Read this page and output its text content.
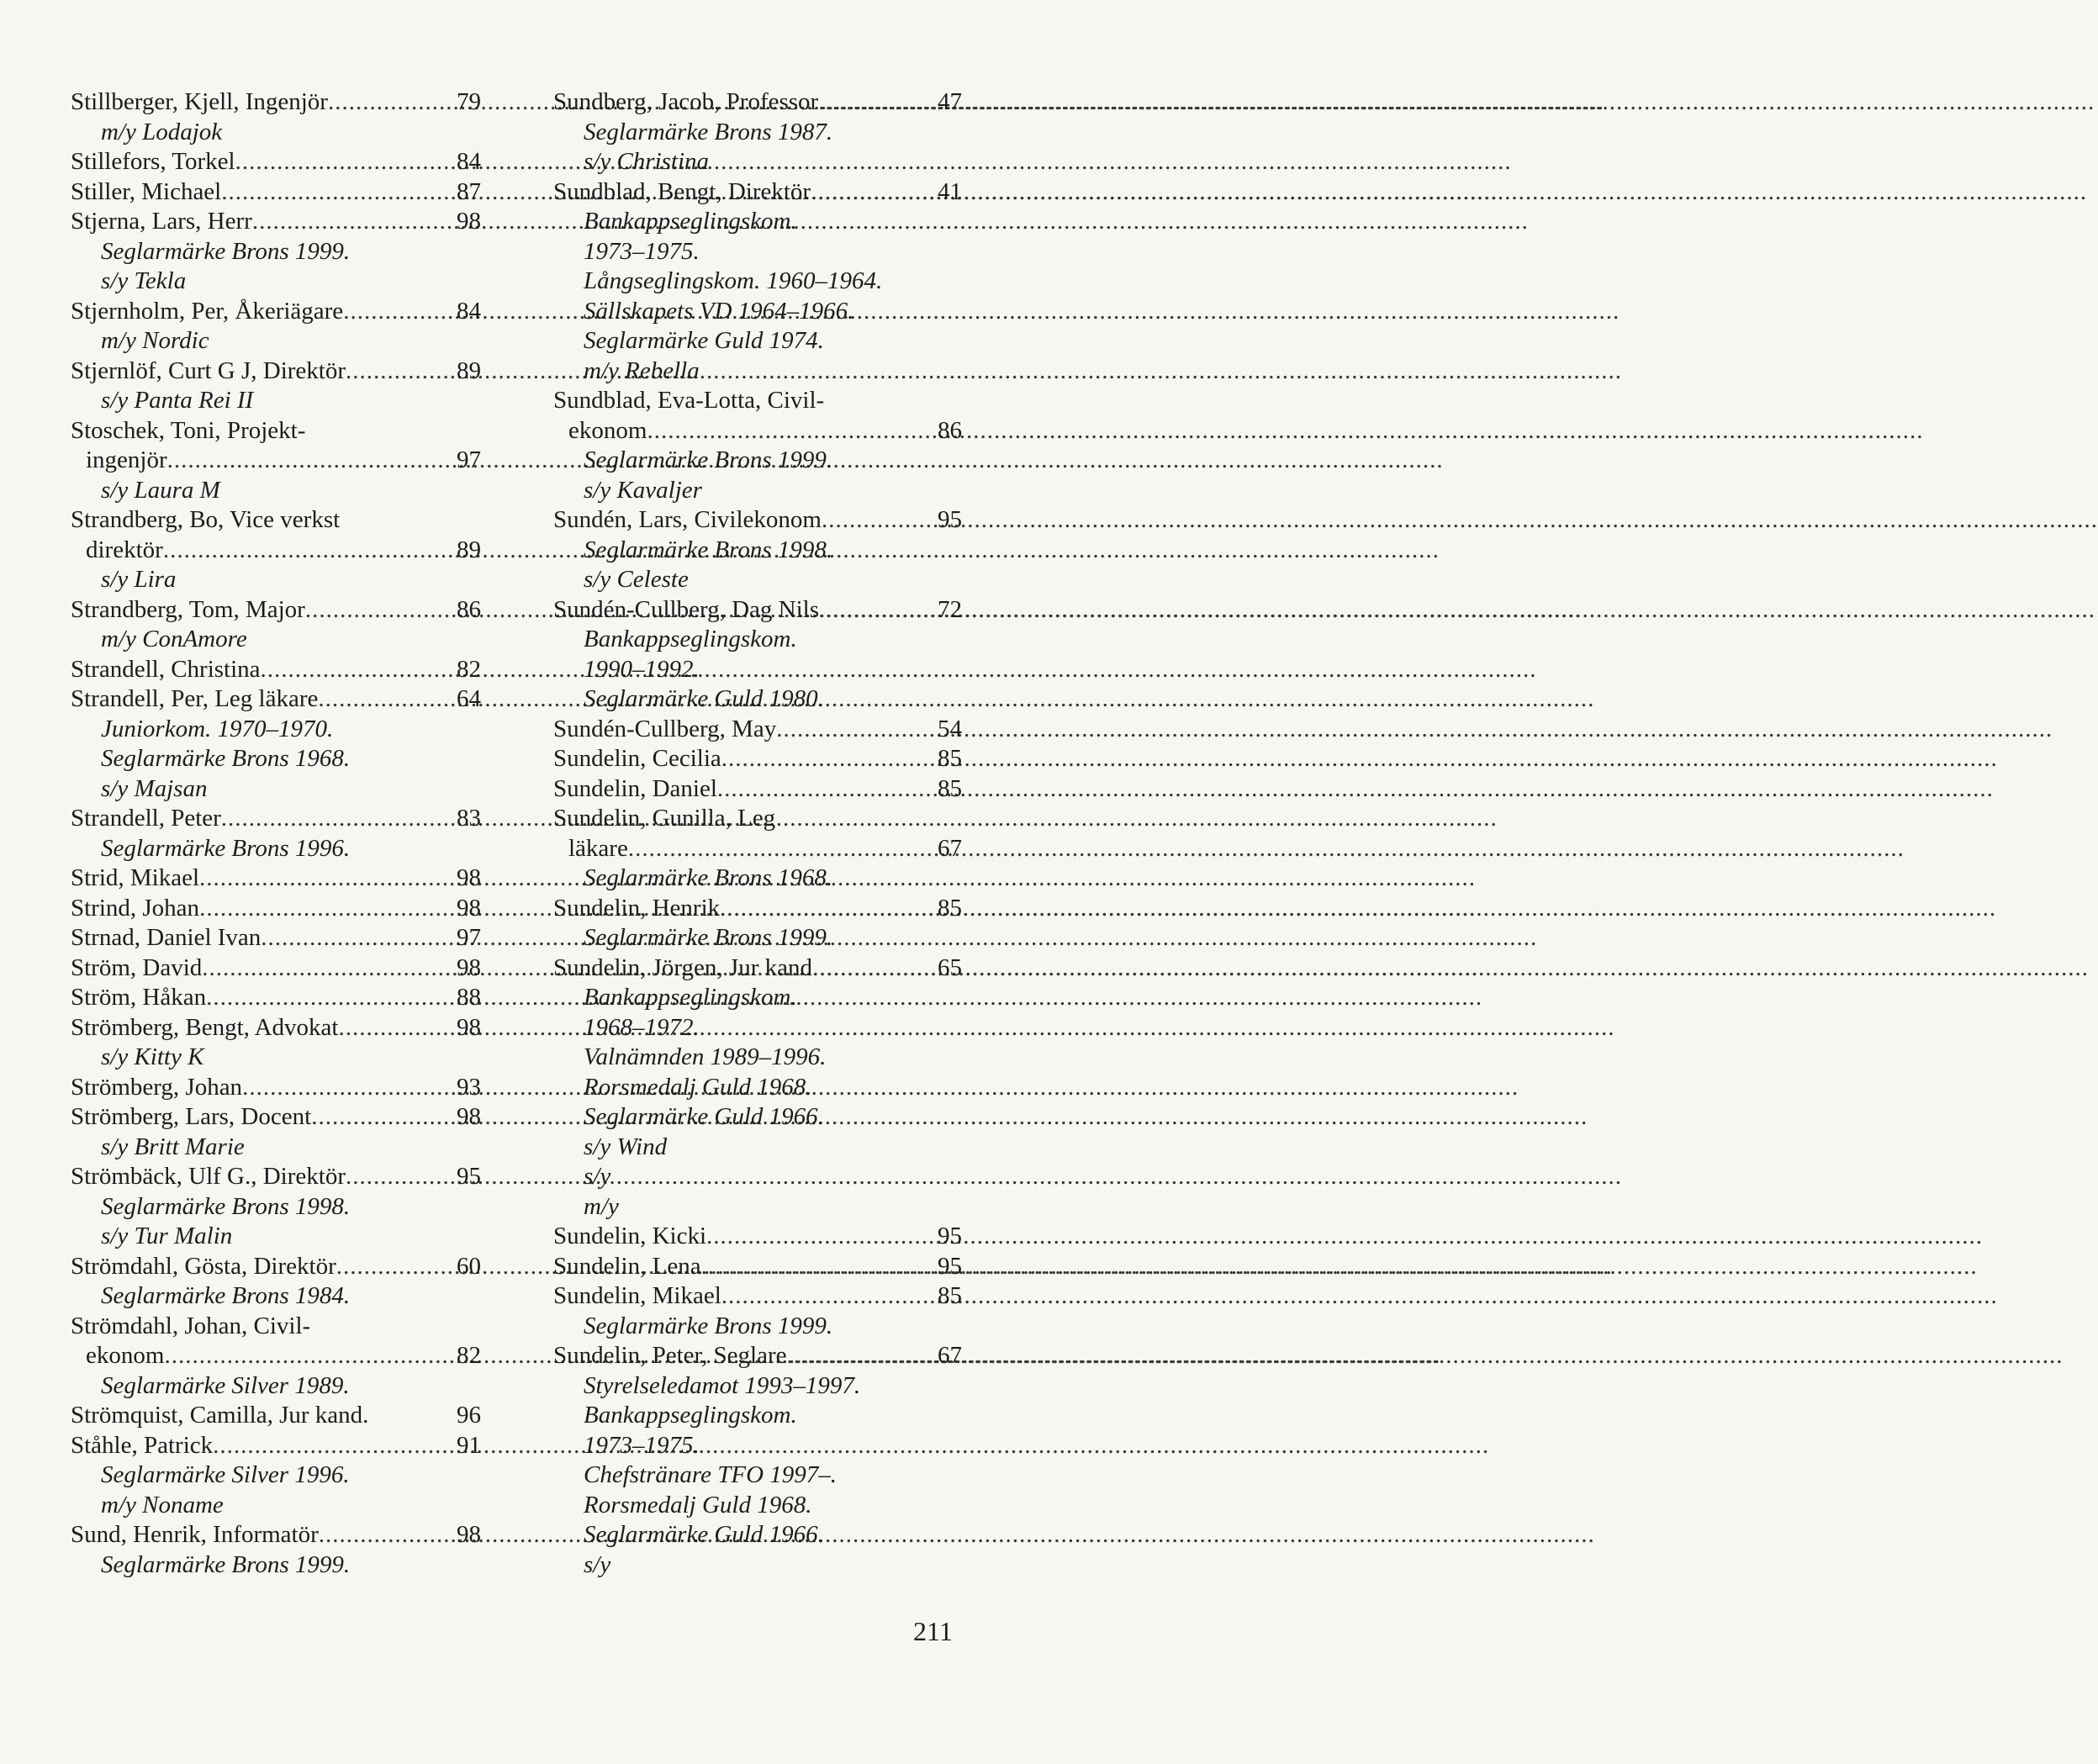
Stillberger, Kjell, Ingenjör .....	79
m/y Lodajok
Stillefors, Torkel .....	84
Stiller, Michael .....	87
Stjerna, Lars, Herr .....	98
Seglarmärke Brons 1999.
s/y Tekla
Stjernholm, Per, Åkeriägare .....	84
m/y Nordic
Stjernlöf, Curt G J, Direktör .....	89
s/y Panta Rei II
Stoschek, Toni, Projekt-
ingenjör .....	97
s/y Laura M
Strandberg, Bo, Vice verkst
direktör .....	89
s/y Lira
Strandberg, Tom, Major .....	86
m/y ConAmore
Strandell, Christina .....	82
Strandell, Per, Leg läkare .....	64
Juniorkom. 1970–1970.
Seglarmärke Brons 1968.
s/y Majsan
Strandell, Peter .....	83
Seglarmärke Brons 1996.
Strid, Mikael .....	98
Strind, Johan .....	98
Strnad, Daniel Ivan .....	97
Ström, David .....	98
Ström, Håkan .....	88
Strömberg, Bengt, Advokat .....	98
s/y Kitty K
Strömberg, Johan .....	93
Strömberg, Lars, Docent .....	98
s/y Britt Marie
Strömbäck, Ulf G., Direktör .....	95
Seglarmärke Brons 1998.
s/y Tur Malin
Strömdahl, Gösta, Direktör .....	60
Seglarmärke Brons 1984.
Strömdahl, Johan, Civil-
ekonom .....	82
Seglarmärke Silver 1989.
Strömquist, Camilla, Jur kand.	96
Ståhle, Patrick .....	91
Seglarmärke Silver 1996.
m/y Noname
Sund, Henrik, Informatör .....	98
Seglarmärke Brons 1999.
Sundberg, Jacob, Professor .....	47
Seglarmärke Brons 1987.
s/y Christina
Sundblad, Bengt, Direktör .....	41
Bankappseglingskom.
1973–1975.
Långseglingskom. 1960–1964.
Sällskapets VD 1964–1966.
Seglarmärke Guld 1974.
m/y Rebella
Sundblad, Eva-Lotta, Civil-
ekonom .....	86
Seglarmärke Brons 1999.
s/y Kavaljer
Sundén, Lars, Civilekonom .....	95
Seglarmärke Brons 1998.
s/y Celeste
Sundén-Cullberg, Dag Nils .....	72
Bankappseglingskom.
1990–1992.
Seglarmärke Guld 1980.
Sundén-Cullberg, May .....	54
Sundelin, Cecilia .....	85
Sundelin, Daniel .....	85
Sundelin, Gunilla, Leg
läkare .....	67
Seglarmärke Brons 1968.
Sundelin, Henrik .....	85
Seglarmärke Brons 1999.
Sundelin, Jörgen, Jur kand .....	65
Bankappseglingskom.
1968–1972.
Valnämnden 1989–1996.
Rorsmedalj Guld 1968.
Seglarmärke Guld 1966.
s/y Wind
s/y
m/y
Sundelin, Kicki .....	95
Sundelin, Lena .....	95
Sundelin, Mikael .....	85
Seglarmärke Brons 1999.
Sundelin, Peter, Seglare .....	67
Styrelseledamot 1993–1997.
Bankappseglingskom.
1973–1975.
Chefstränare TFO 1997–.
Rorsmedalj Guld 1968.
Seglarmärke Guld 1966.
s/y
211
